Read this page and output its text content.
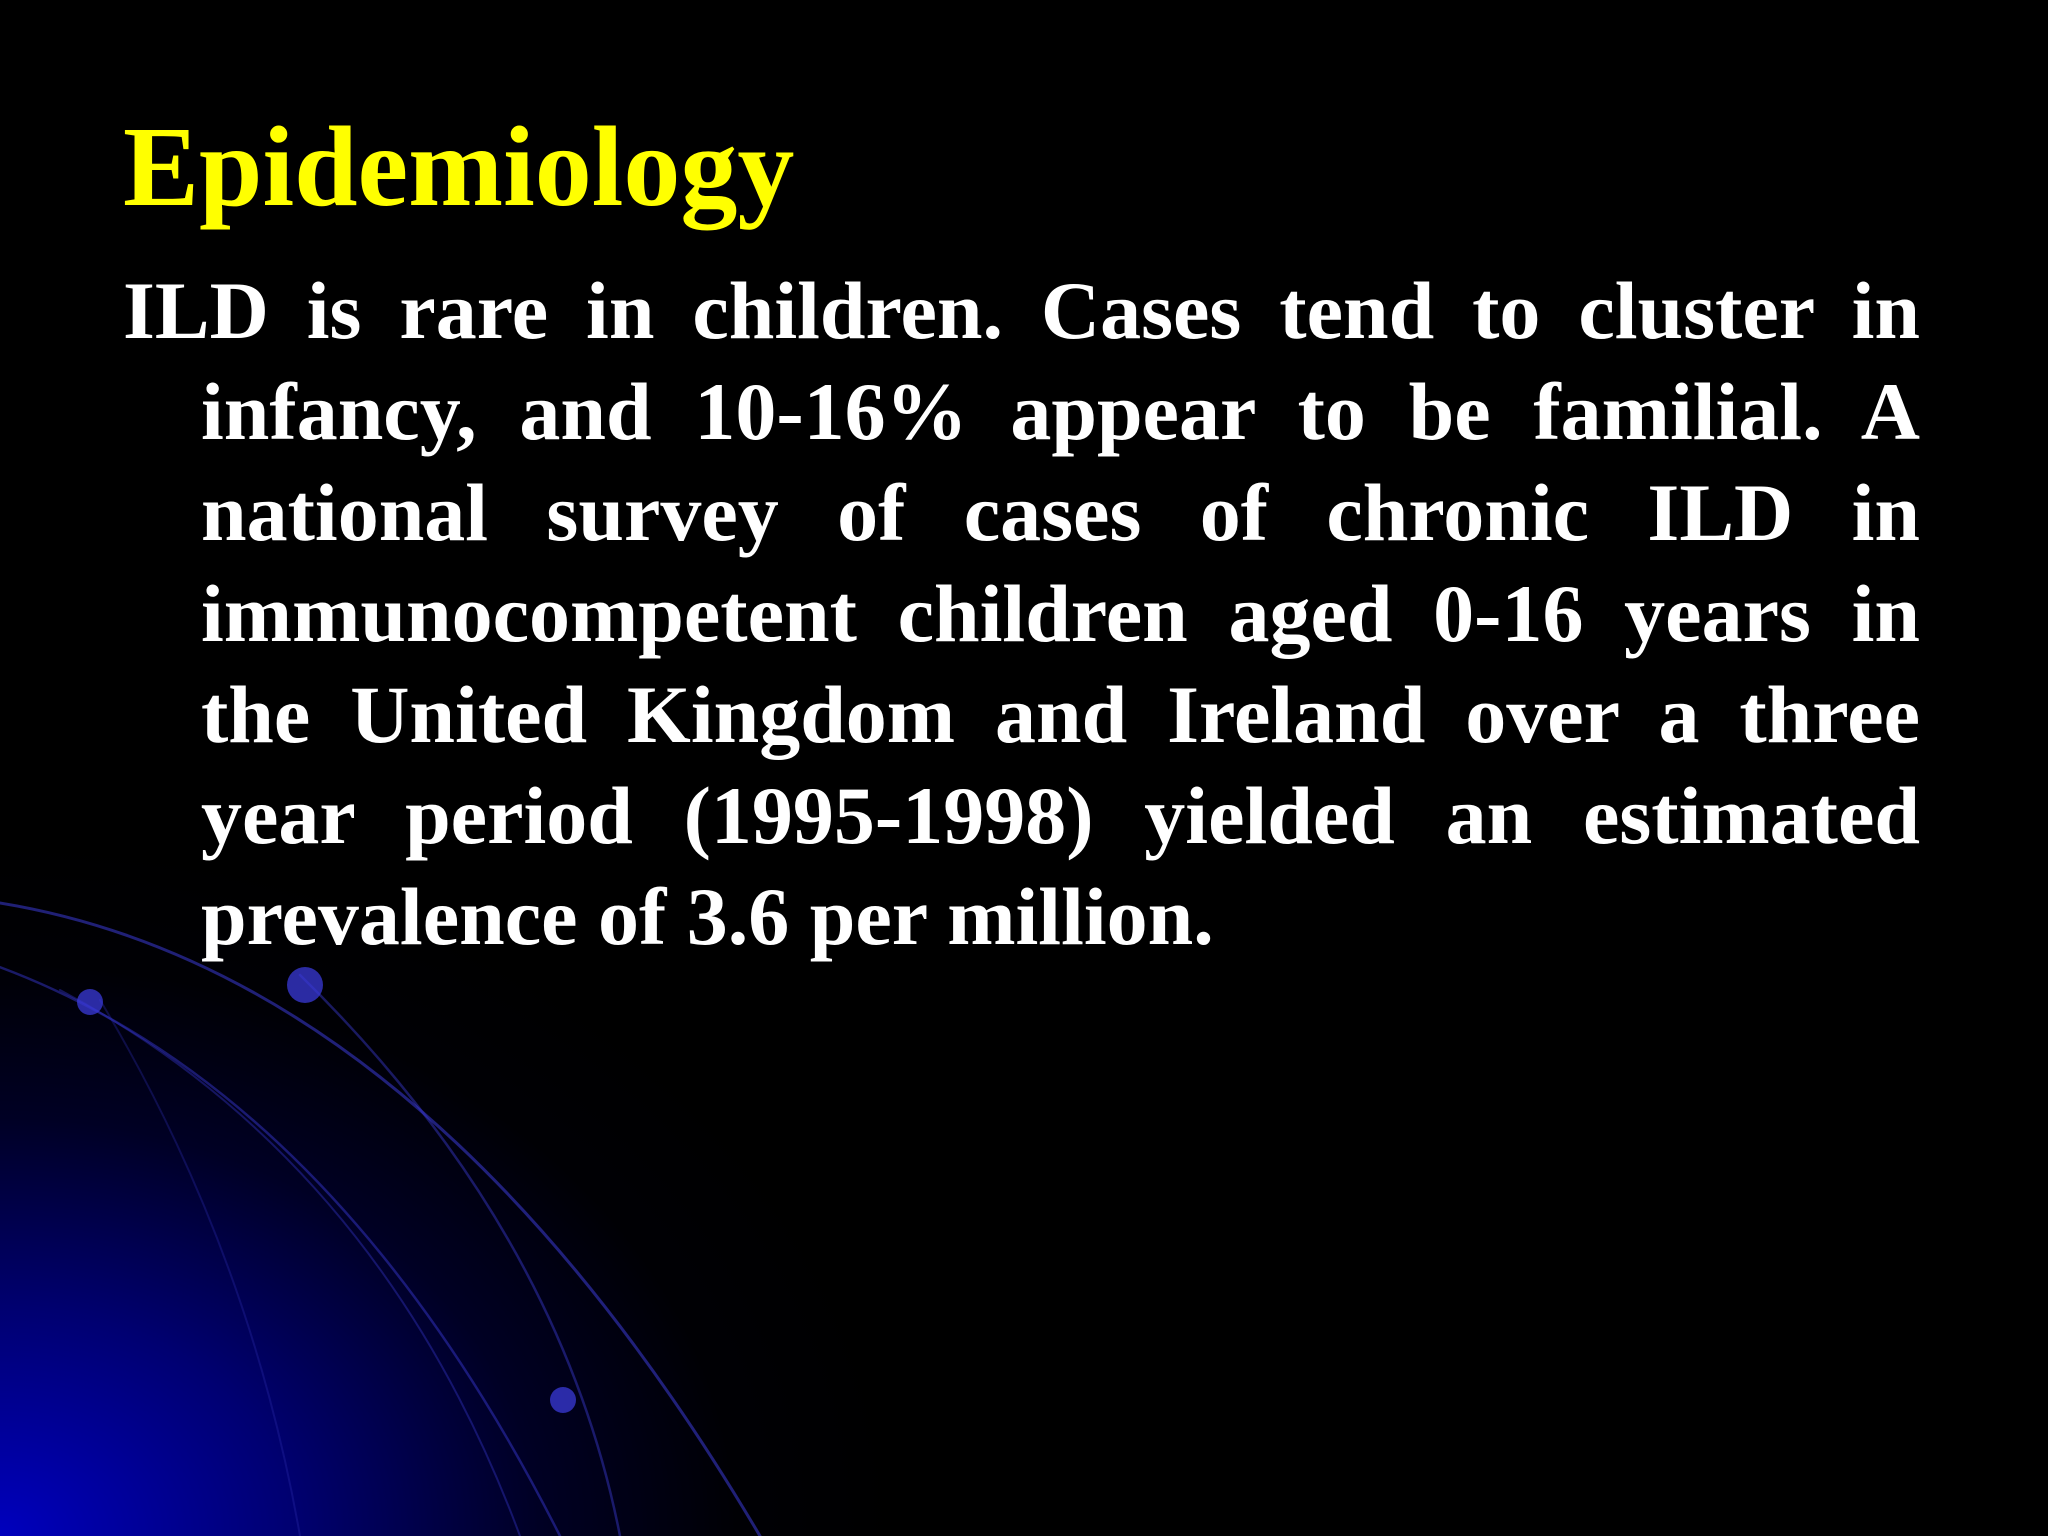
Epidemiology

ILD is rare in children. Cases tend to cluster in infancy, and 10-16% appear to be familial. A national survey of cases of chronic ILD in immunocompetent children aged 0-16 years in the United Kingdom and Ireland over a three year period (1995-1998) yielded an estimated prevalence of 3.6 per million.
